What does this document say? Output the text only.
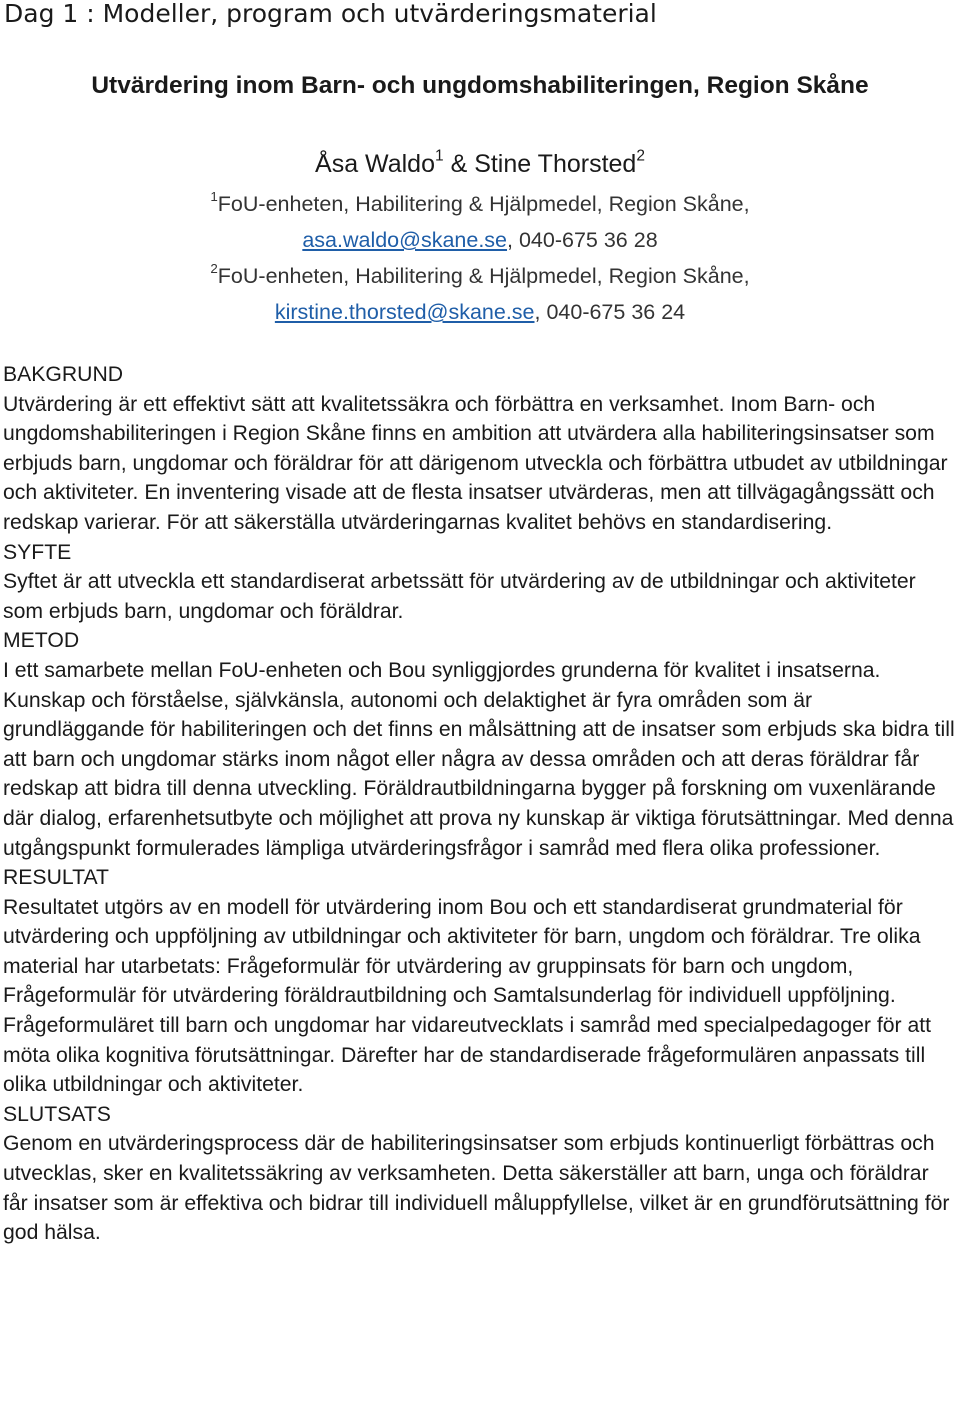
Dag 1 : Modeller, program och utvärderingsmaterial
Utvärdering inom Barn- och ungdomshabiliteringen, Region Skåne
Åsa Waldo$^1$ & Stine Thorsted$^2$
$^1$FoU-enheten, Habilitering & Hjälpmedel, Region Skåne,
asa.waldo@skane.se, 040-675 36 28
$^2$FoU-enheten, Habilitering & Hjälpmedel, Region Skåne,
kirstine.thorsted@skane.se, 040-675 36 24

BAKGRUND

Utvärdering är ett effektivt sätt att kvalitetssäkra och förbättra en verksamhet. Inom Barn- och ungdomshabiliteringen i Region Skåne finns en ambition att utvärdera alla habiliteringsinsatser som erbjuds barn, ungdomar och föräldrar för att därigenom utveckla och förbättra utbudet av utbildningar och aktiviteter. En inventering visade att de flesta insatser utvärderas, men att tillvägagångssätt och redskap varierar. För att säkerställa utvärderingarnas kvalitet behövs en standardisering.

SYFTE

Syftet är att utveckla ett standardiserat arbetssätt för utvärdering av de utbildningar och aktiviteter som erbjuds barn, ungdomar och föräldrar.

METOD

I ett samarbete mellan FoU-enheten och Bou synliggjordes grunderna för kvalitet i insatserna. Kunskap och förståelse, självkänsla, autonomi och delaktighet är fyra områden som är grundläggande för habiliteringen och det finns en målsättning att de insatser som erbjuds ska bidra till att barn och ungdomar stärks inom något eller några av dessa områden och att deras föräldrar får redskap att bidra till denna utveckling. Föräldrautbildningarna bygger på forskning om vuxenlärande där dialog, erfarenhetsutbyte och möjlighet att prova ny kunskap är viktiga förutsättningar. Med denna utgångspunkt formulerades lämpliga utvärderingsfrågor i samråd med flera olika professioner.

RESULTAT

Resultatet utgörs av en modell för utvärdering inom Bou och ett standardiserat grundmaterial för utvärdering och uppföljning av utbildningar och aktiviteter för barn, ungdom och föräldrar. Tre olika material har utarbetats: Frågeformulär för utvärdering av gruppinsats för barn och ungdom, Frågeformulär för utvärdering föräldrautbildning och Samtalsunderlag för individuell uppföljning. Frågeformuläret till barn och ungdomar har vidareutvecklats i samråd med specialpedagoger för att möta olika kognitiva förutsättningar. Därefter har de standardiserade frågeformulären anpassats till olika utbildningar och aktiviteter.

SLUTSATS

Genom en utvärderingsprocess där de habiliteringsinsatser som erbjuds kontinuerligt förbättras och utvecklas, sker en kvalitetssäkring av verksamheten. Detta säkerställer att barn, unga och föräldrar får insatser som är effektiva och bidrar till individuell måluppfyllelse, vilket är en grundförutsättning för god hälsa.
